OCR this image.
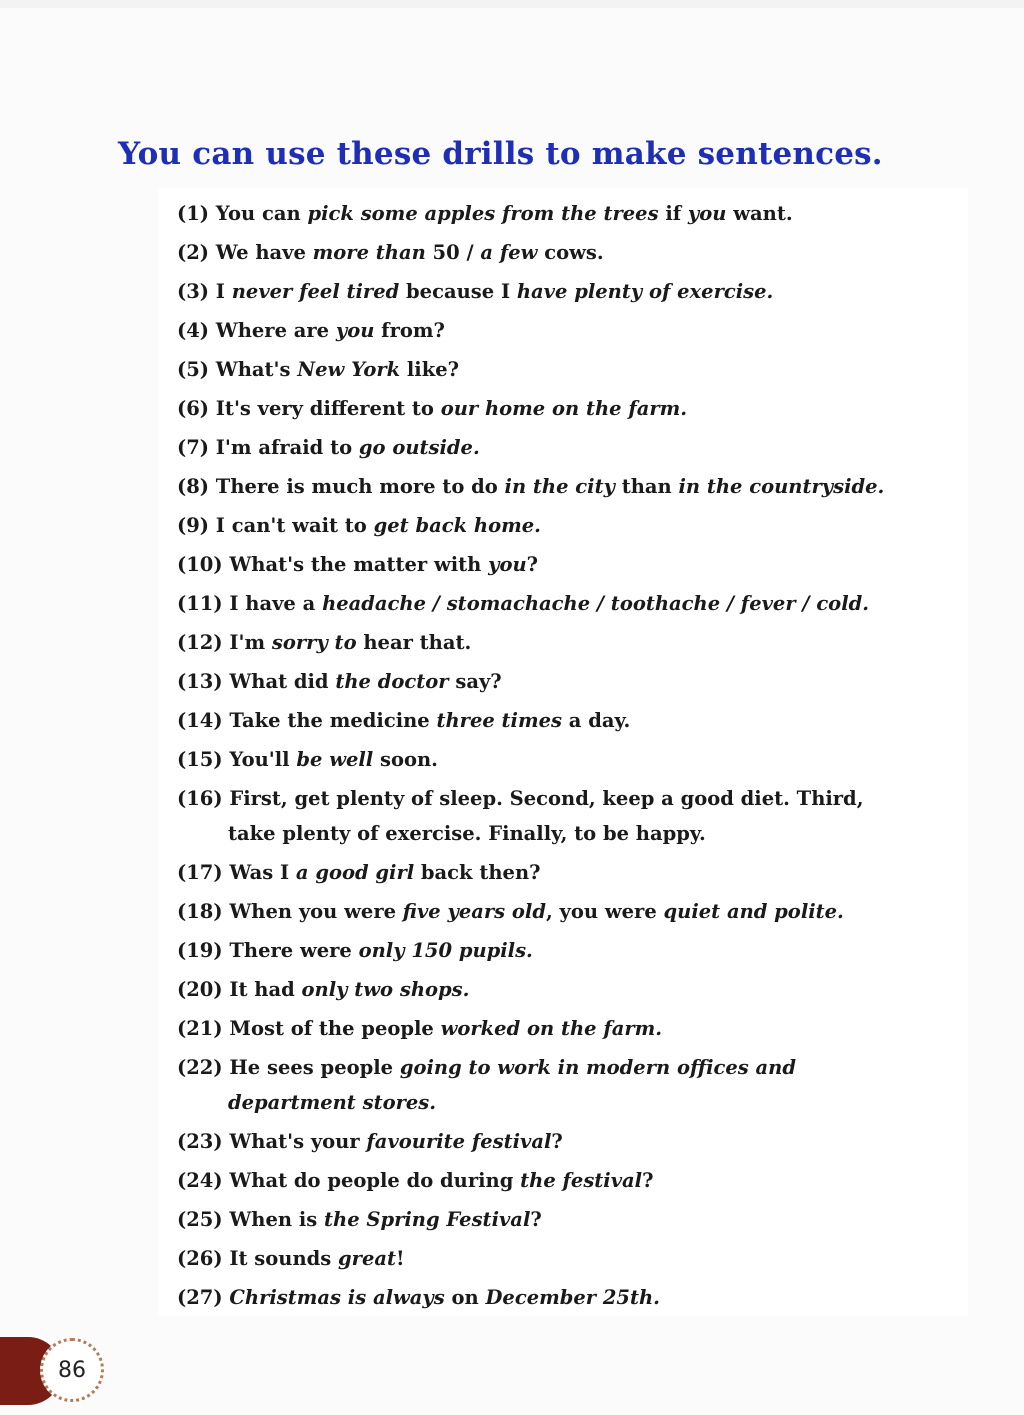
You can use these drills to make sentences.
(1) You can pick some apples from the trees if you want.
(2) We have more than 50 / a few cows.
(3) I never feel tired because I have plenty of exercise.
(4) Where are you from?
(5) What's New York like?
(6) It's very different to our home on the farm.
(7) I'm afraid to go outside.
(8) There is much more to do in the city than in the countryside.
(9) I can't wait to get back home.
(10) What's the matter with you?
(11) I have a headache / stomachache / toothache / fever / cold.
(12) I'm sorry to hear that.
(13) What did the doctor say?
(14) Take the medicine three times a day.
(15) You'll be well soon.
(16) First, get plenty of sleep. Second, keep a good diet. Third, take plenty of exercise. Finally, to be happy.
(17) Was I a good girl back then?
(18) When you were five years old, you were quiet and polite.
(19) There were only 150 pupils.
(20) It had only two shops.
(21) Most of the people worked on the farm.
(22) He sees people going to work in modern offices and department stores.
(23) What's your favourite festival?
(24) What do people do during the festival?
(25) When is the Spring Festival?
(26) It sounds great!
(27) Christmas is always on December 25th.
86
